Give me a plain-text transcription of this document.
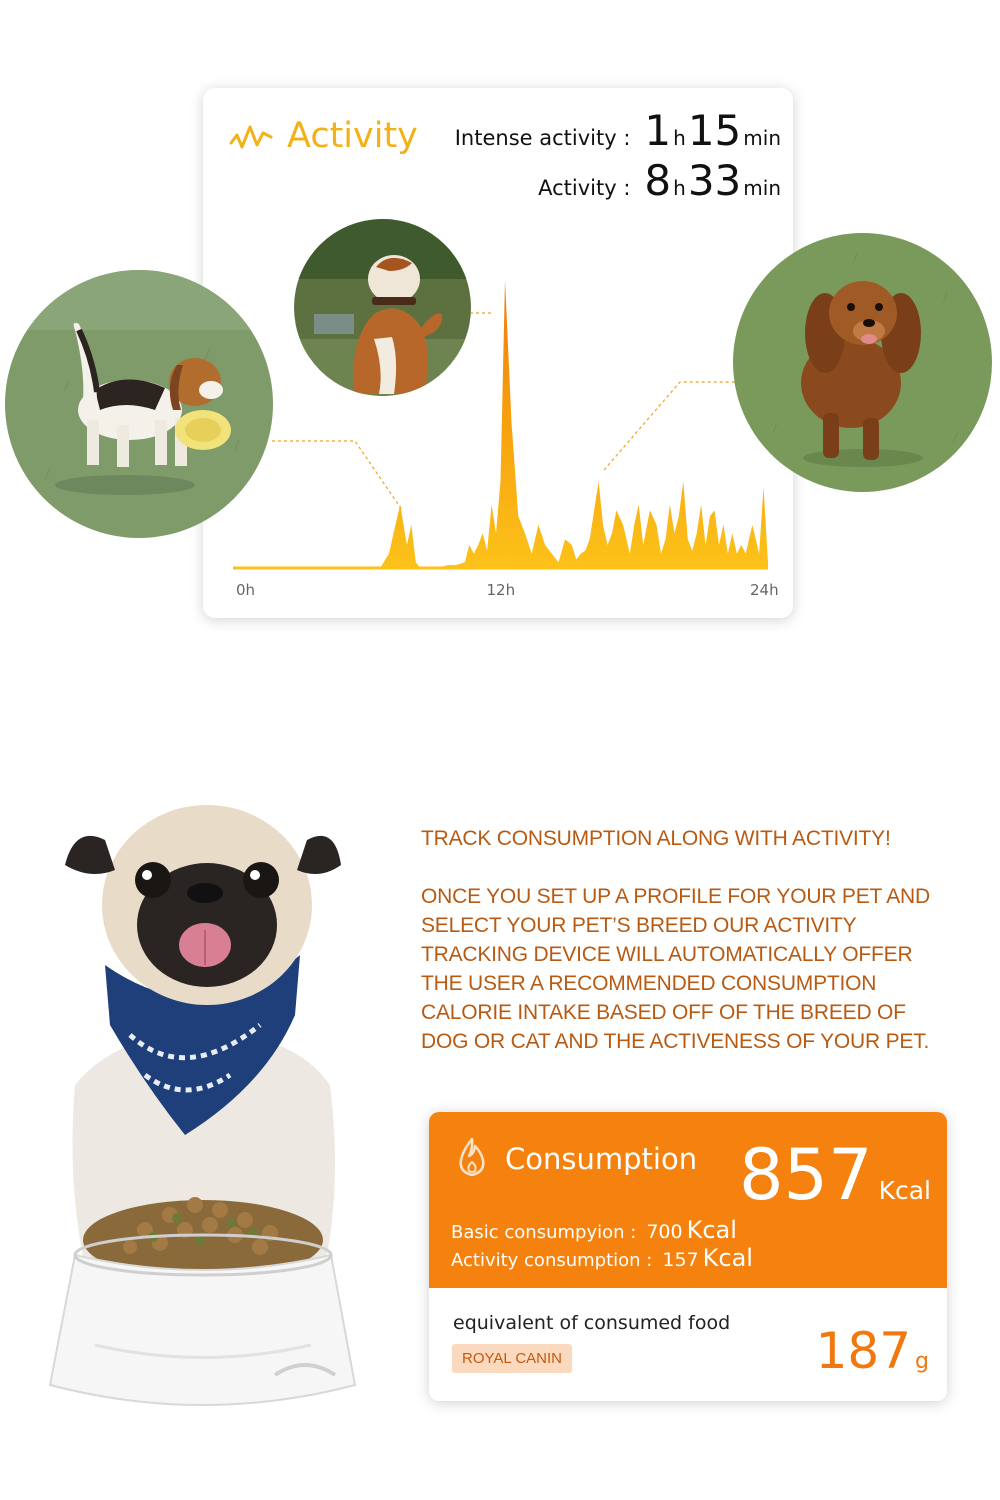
0h	12h	24h
Activity Intense activity : 1 h 15 min
Activity : 8 h 33 min
TRACK CONSUMPTION ALONG WITH ACTIVITY!
ONCE YOU SET UP A PROFILE FOR YOUR PET AND SELECT YOUR PET’S BREED OUR ACTIVITY TRACKING DEVICE WILL AUTOMATICALLY OFFER THE USER A RECOMMENDED CONSUMPTION CALORIE INTAKE BASED OFF OF THE BREED OF DOG OR CAT AND THE ACTIVENESS OF YOUR PET.
Consumption 857 Kcal
Basic consumpyion : 700 Kcal
Activity consumption : 157 Kcal
equivalent of consumed food
ROYAL CANIN	187 g
